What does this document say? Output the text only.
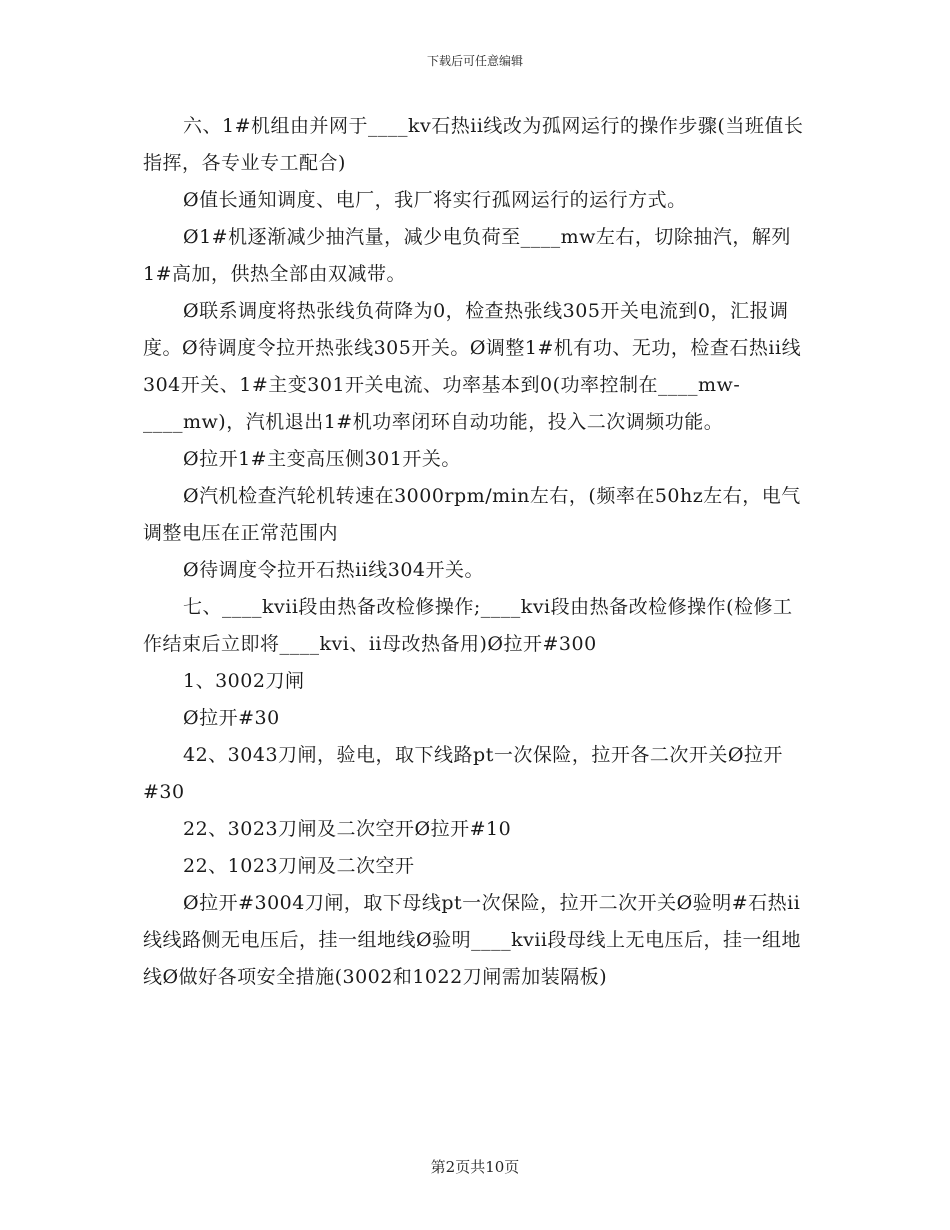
下载后可任意编辑

六、1#机组由并网于____kv石热ii线改为孤网运行的操作步骤(当班值长指挥，各专业专工配合)

Ø值长通知调度、电厂，我厂将实行孤网运行的运行方式。

Ø1#机逐渐减少抽汽量，减少电负荷至____mw左右，切除抽汽，解列1#高加，供热全部由双减带。

Ø联系调度将热张线负荷降为0，检查热张线305开关电流到0，汇报调度。Ø待调度令拉开热张线305开关。Ø调整1#机有功、无功，检查石热ii线304开关、1#主变301开关电流、功率基本到0(功率控制在____mw-____mw)，汽机退出1#机功率闭环自动功能，投入二次调频功能。

Ø拉开1#主变高压侧301开关。

Ø汽机检查汽轮机转速在3000rpm/min左右，(频率在50hz左右，电气调整电压在正常范围内

Ø待调度令拉开石热ii线304开关。

七、____kvii段由热备改检修操作;____kvi段由热备改检修操作(检修工作结束后立即将____kvi、ii母改热备用)Ø拉开#300

1、3002刀闸

Ø拉开#30

42、3043刀闸，验电，取下线路pt一次保险，拉开各二次开关Ø拉开#30

22、3023刀闸及二次空开Ø拉开#10

22、1023刀闸及二次空开

Ø拉开#3004刀闸，取下母线pt一次保险，拉开二次开关Ø验明#石热ii线线路侧无电压后，挂一组地线Ø验明____kvii段母线上无电压后，挂一组地线Ø做好各项安全措施(3002和1022刀闸需加装隔板)

第2页共10页
